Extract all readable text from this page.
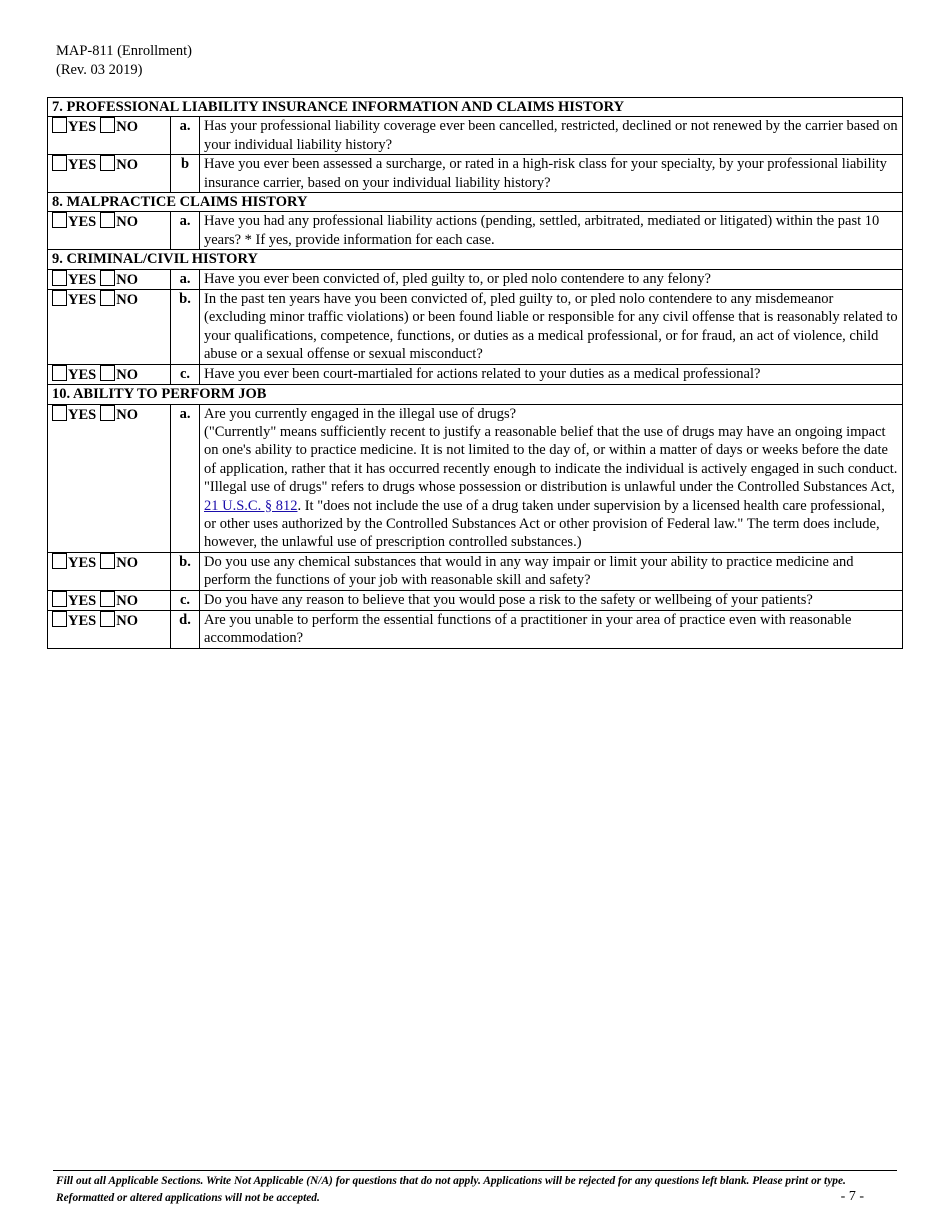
MAP-811 (Enrollment)
(Rev. 03 2019)
7. PROFESSIONAL LIABILITY INSURANCE INFORMATION AND CLAIMS HISTORY		
YES NO	a.	Has your professional liability coverage ever been cancelled, restricted, declined or not renewed by the carrier based on your individual liability history?
YES NO	b	Have you ever been assessed a surcharge, or rated in a high-risk class for your specialty, by your professional liability insurance carrier, based on your individual liability history?
8. MALPRACTICE CLAIMS HISTORY		
YES NO	a.	Have you had any professional liability actions (pending, settled, arbitrated, mediated or litigated) within the past 10 years? * If yes, provide information for each case.
9. CRIMINAL/CIVIL HISTORY		
YES NO	a.	Have you ever been convicted of, pled guilty to, or pled nolo contendere to any felony?
YES NO	b.	In the past ten years have you been convicted of, pled guilty to, or pled nolo contendere to any misdemeanor (excluding minor traffic violations) or been found liable or responsible for any civil offense that is reasonably related to your qualifications, competence, functions, or duties as a medical professional, or for fraud, an act of violence, child abuse or a sexual offense or sexual misconduct?
YES NO	c.	Have you ever been court-martialed for actions related to your duties as a medical professional?
10. ABILITY TO PERFORM JOB		
YES NO	a.	Are you currently engaged in the illegal use of drugs?
("Currently" means sufficiently recent to justify a reasonable belief that the use of drugs may have an ongoing impact on one's ability to practice medicine. It is not limited to the day of, or within a matter of days or weeks before the date of application, rather that it has occurred recently enough to indicate the individual is actively engaged in such conduct. "Illegal use of drugs" refers to drugs whose possession or distribution is unlawful under the Controlled Substances Act, 21 U.S.C. § 812. It "does not include the use of a drug taken under supervision by a licensed health care professional, or other uses authorized by the Controlled Substances Act or other provision of Federal law." The term does include, however, the unlawful use of prescription controlled substances.)

YES NO	b.	Do you use any chemical substances that would in any way impair or limit your ability to practice medicine and perform the functions of your job with reasonable skill and safety?
YES NO	c.	Do you have any reason to believe that you would pose a risk to the safety or wellbeing of your patients?
YES NO	d.	Are you unable to perform the essential functions of a practitioner in your area of practice even with reasonable accommodation?
Fill out all Applicable Sections. Write Not Applicable (N/A) for questions that do not apply. Applications will be rejected for any questions left blank. Please print or type. Reformatted or altered applications will not be accepted.	- 7 -
